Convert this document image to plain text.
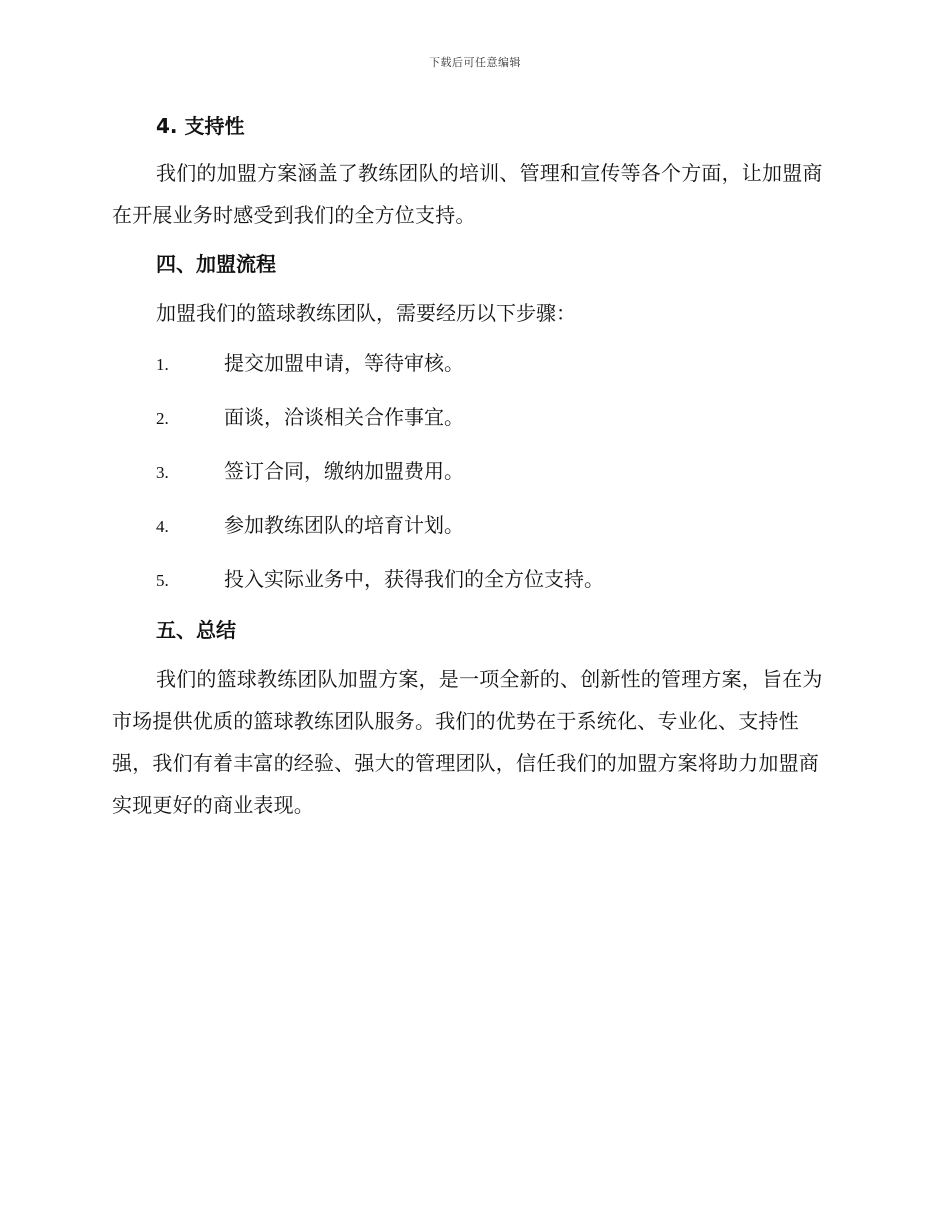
下载后可任意编辑
4. 支持性

我们的加盟方案涵盖了教练团队的培训、管理和宣传等各个方面，让加盟商在开展业务时感受到我们的全方位支持。

四、加盟流程

加盟我们的篮球教练团队，需要经历以下步骤：

1.	提交加盟申请，等待审核。
2.	面谈，洽谈相关合作事宜。
3.	签订合同，缴纳加盟费用。
4.	参加教练团队的培育计划。
5.	投入实际业务中，获得我们的全方位支持。
五、总结

我们的篮球教练团队加盟方案，是一项全新的、创新性的管理方案，旨在为市场提供优质的篮球教练团队服务。我们的优势在于系统化、专业化、支持性强，我们有着丰富的经验、强大的管理团队，信任我们的加盟方案将助力加盟商实现更好的商业表现。
